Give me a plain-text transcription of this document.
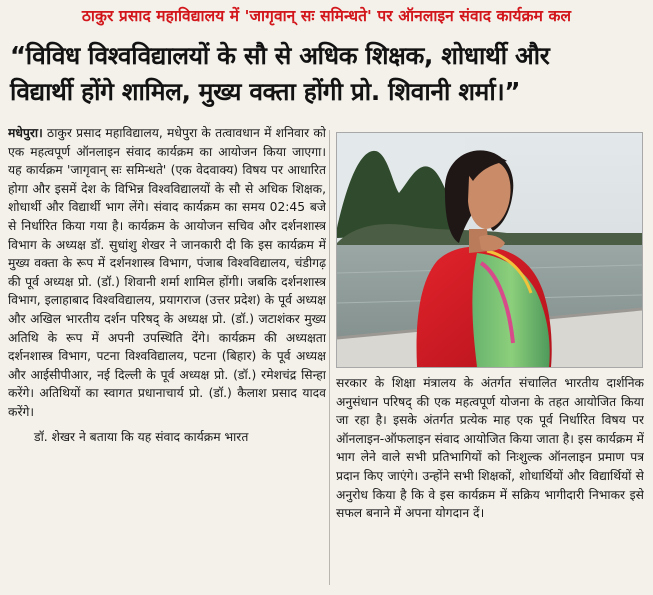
ठाकुर प्रसाद महाविद्यालय में 'जागृवान् सः समिन्धते' पर ऑनलाइन संवाद कार्यक्रम कल
“विविध विश्वविद्यालयों के सौ से अधिक शिक्षक, शोधार्थी और
विद्यार्थी होंगे शामिल, मुख्य वक्ता होंगी प्रो. शिवानी शर्मा।”

मधेपुरा। ठाकुर प्रसाद महाविद्यालय, मधेपुरा के तत्वावधान में शनिवार को एक महत्वपूर्ण ऑनलाइन संवाद कार्यक्रम का आयोजन किया जाएगा। यह कार्यक्रम 'जागृवान् सः समिन्धते' (एक वेदवाक्य) विषय पर आधारित होगा और इसमें देश के विभिन्न विश्वविद्यालयों के सौ से अधिक शिक्षक, शोधार्थी और विद्यार्थी भाग लेंगे। संवाद कार्यक्रम का समय 02:45 बजे से निर्धारित किया गया है। कार्यक्रम के आयोजन सचिव और दर्शनशास्त्र विभाग के अध्यक्ष डॉ. सुधांशु शेखर ने जानकारी दी कि इस कार्यक्रम में मुख्य वक्ता के रूप में दर्शनशास्त्र विभाग, पंजाब विश्वविद्यालय, चंडीगढ़ की पूर्व अध्यक्ष प्रो. (डॉ.) शिवानी शर्मा शामिल होंगी। जबकि दर्शनशास्त्र विभाग, इलाहाबाद विश्वविद्यालय, प्रयागराज (उत्तर प्रदेश) के पूर्व अध्यक्ष और अखिल भारतीय दर्शन परिषद् के अध्यक्ष प्रो. (डॉ.) जटाशंकर मुख्य अतिथि के रूप में अपनी उपस्थिति देंगे। कार्यक्रम की अध्यक्षता दर्शनशास्त्र विभाग, पटना विश्वविद्यालय, पटना (बिहार) के पूर्व अध्यक्ष और आईसीपीआर, नई दिल्ली के पूर्व अध्यक्ष प्रो. (डॉ.) रमेशचंद्र सिन्हा करेंगे। अतिथियों का स्वागत प्रधानाचार्य प्रो. (डॉ.) कैलाश प्रसाद यादव करेंगे।

डॉ. शेखर ने बताया कि यह संवाद कार्यक्रम भारत

सरकार के शिक्षा मंत्रालय के अंतर्गत संचालित भारतीय दार्शनिक अनुसंधान परिषद् की एक महत्वपूर्ण योजना के तहत आयोजित किया जा रहा है। इसके अंतर्गत प्रत्येक माह एक पूर्व निर्धारित विषय पर ऑनलाइन-ऑफलाइन संवाद आयोजित किया जाता है। इस कार्यक्रम में भाग लेने वाले सभी प्रतिभागियों को निःशुल्क ऑनलाइन प्रमाण पत्र प्रदान किए जाएंगे। उन्होंने सभी शिक्षकों, शोधार्थियों और विद्यार्थियों से अनुरोध किया है कि वे इस कार्यक्रम में सक्रिय भागीदारी निभाकर इसे सफल बनाने में अपना योगदान दें।
